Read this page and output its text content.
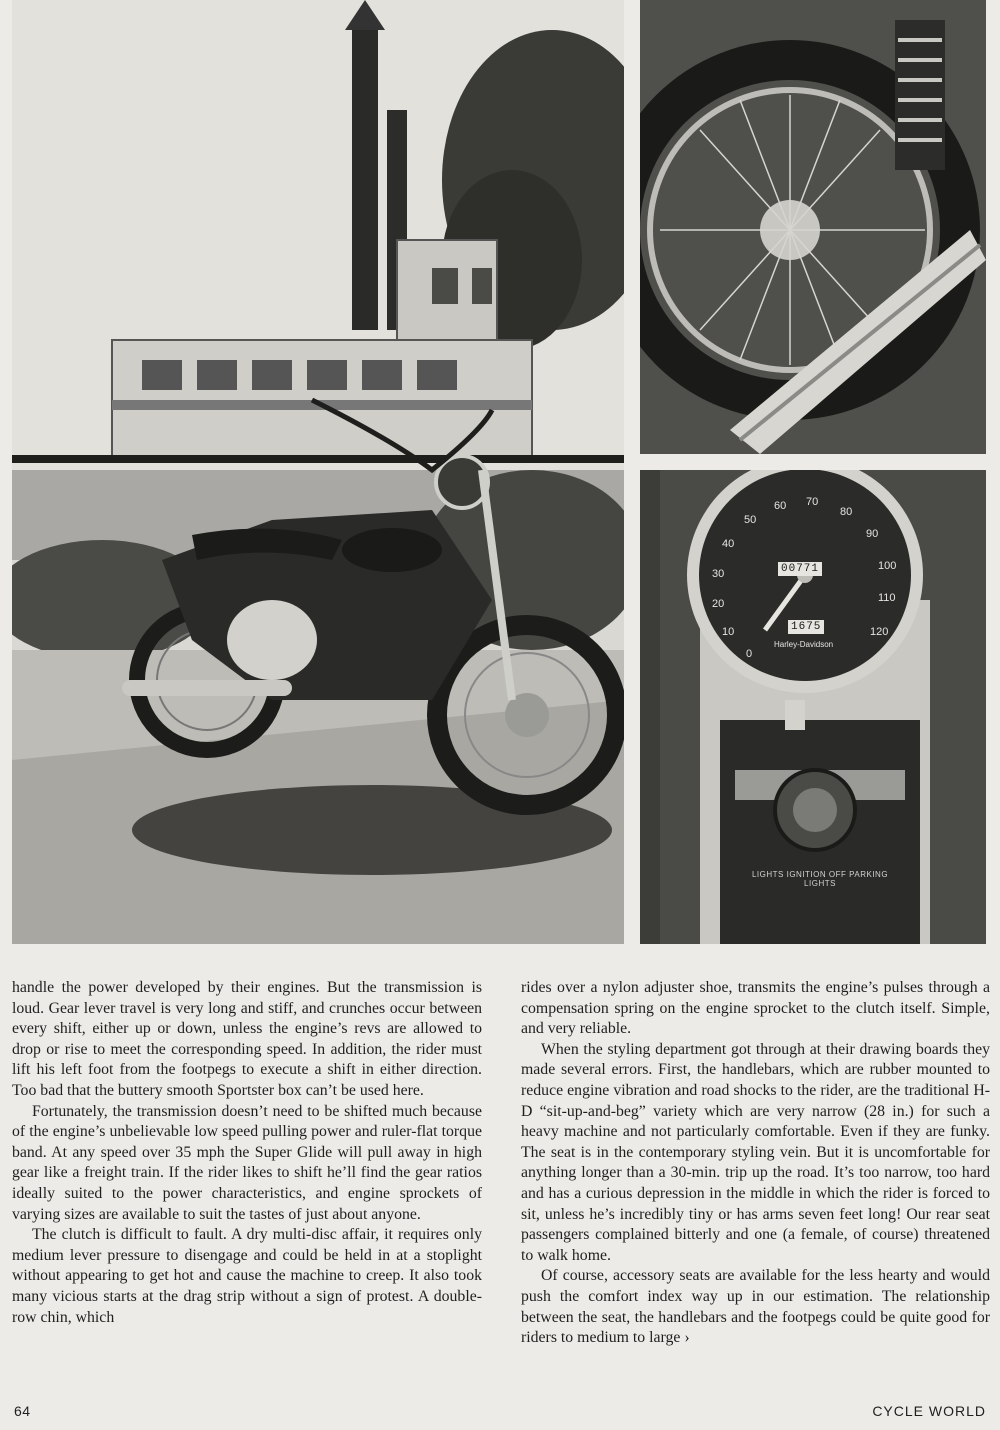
0
10
20
30
40
50
60 70
80
90
100
110
120
00771
1675
Harley-Davidson
LIGHTS IGNITION OFF PARKING LIGHTS

handle the power developed by their engines. But the transmission is loud. Gear lever travel is very long and stiff, and crunches occur between every shift, either up or down, unless the engine’s revs are allowed to drop or rise to meet the corresponding speed. In addition, the rider must lift his left foot from the footpegs to execute a shift in either direction. Too bad that the buttery smooth Sportster box can’t be used here.

Fortunately, the transmission doesn’t need to be shifted much because of the engine’s unbelievable low speed pulling power and ruler-flat torque band. At any speed over 35 mph the Super Glide will pull away in high gear like a freight train. If the rider likes to shift he’ll find the gear ratios ideally suited to the power characteristics, and engine sprockets of varying sizes are available to suit the tastes of just about anyone.

The clutch is difficult to fault. A dry multi-disc affair, it requires only medium lever pressure to disengage and could be held in at a stoplight without appearing to get hot and cause the machine to creep. It also took many vicious starts at the drag strip without a sign of protest. A double-row chin, which

rides over a nylon adjuster shoe, transmits the engine’s pulses through a compensation spring on the engine sprocket to the clutch itself. Simple, and very reliable.

When the styling department got through at their drawing boards they made several errors. First, the handlebars, which are rubber mounted to reduce engine vibration and road shocks to the rider, are the traditional H-D “sit-up-and-beg” variety which are very narrow (28 in.) for such a heavy machine and not particularly comfortable. Even if they are funky. The seat is in the contemporary styling vein. But it is uncomfortable for anything longer than a 30-min. trip up the road. It’s too narrow, too hard and has a curious depression in the middle in which the rider is forced to sit, unless he’s incredibly tiny or has arms seven feet long! Our rear seat passengers complained bitterly and one (a female, of course) threatened to walk home.

Of course, accessory seats are available for the less hearty and would push the comfort index way up in our estimation. The relationship between the seat, the handlebars and the footpegs could be quite good for riders to medium to large ›

64	CYCLE WORLD
